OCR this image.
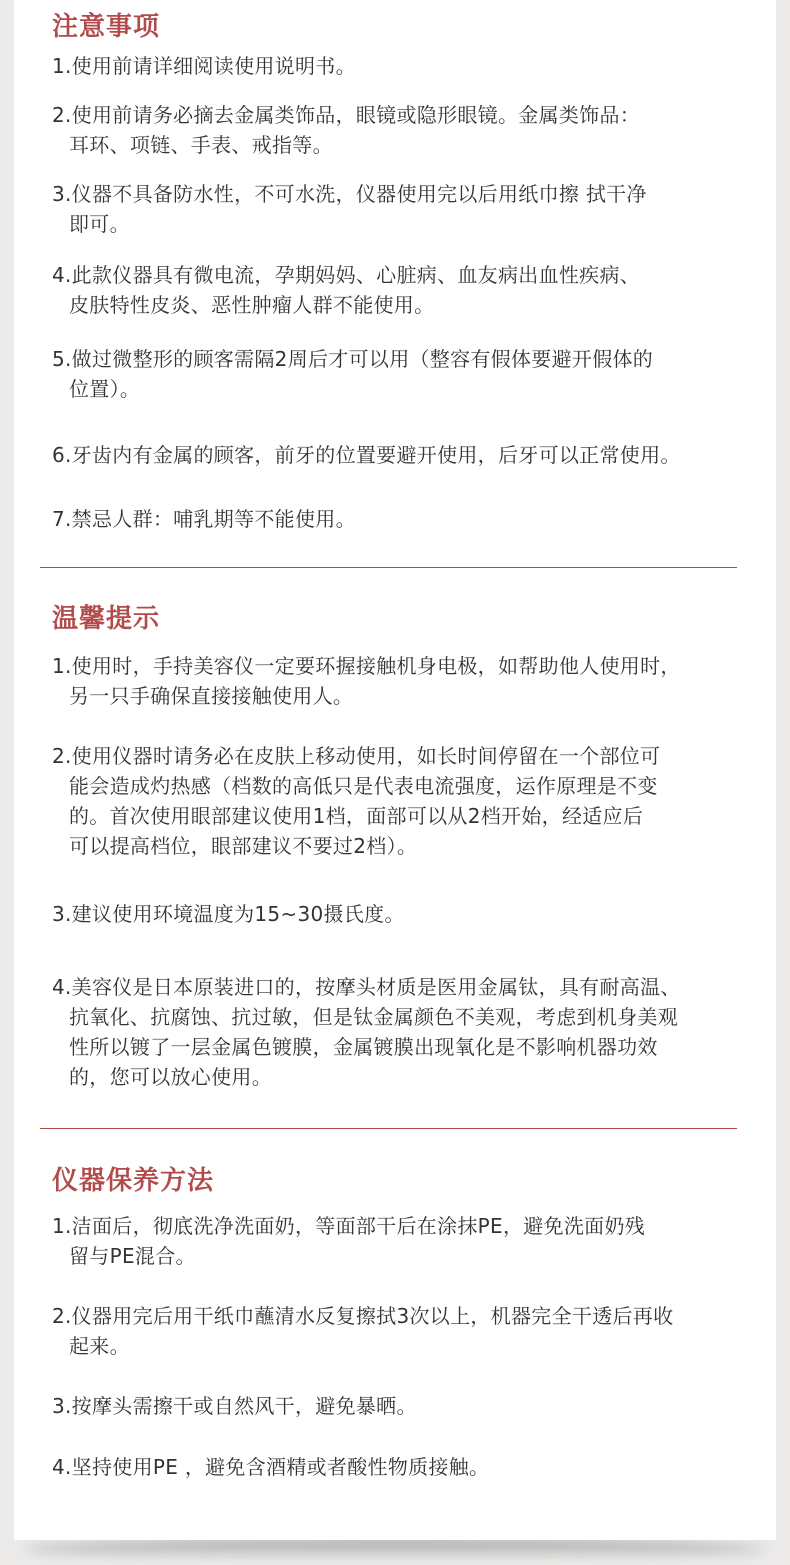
注意事项
1.使用前请详细阅读使用说明书。
2.使用前请务必摘去金属类饰品，眼镜或隐形眼镜。金属类饰品：
耳环、项链、手表、戒指等。
3.仪器不具备防水性，不可水洗，仪器使用完以后用纸巾擦 拭干净
即可。
4.此款仪器具有微电流，孕期妈妈、心脏病、血友病出血性疾病、
皮肤特性皮炎、恶性肿瘤人群不能使用。
5.做过微整形的顾客需隔2周后才可以用（整容有假体要避开假体的
位置）。
6.牙齿内有金属的顾客，前牙的位置要避开使用，后牙可以正常使用。
7.禁忌人群：哺乳期等不能使用。
温馨提示
1.使用时，手持美容仪一定要环握接触机身电极，如帮助他人使用时，
另一只手确保直接接触使用人。
2.使用仪器时请务必在皮肤上移动使用，如长时间停留在一个部位可
能会造成灼热感（档数的高低只是代表电流强度，运作原理是不变
的。首次使用眼部建议使用1档，面部可以从2档开始，经适应后
可以提高档位，眼部建议不要过2档）。
3.建议使用环境温度为15~30摄氏度。
4.美容仪是日本原装进口的，按摩头材质是医用金属钛，具有耐高温、
抗氧化、抗腐蚀、抗过敏，但是钛金属颜色不美观，考虑到机身美观
性所以镀了一层金属色镀膜，金属镀膜出现氧化是不影响机器功效
的，您可以放心使用。
仪器保养方法
1.洁面后，彻底洗净洗面奶，等面部干后在涂抹PE，避免洗面奶残
留与PE混合。
2.仪器用完后用干纸巾蘸清水反复擦拭3次以上，机器完全干透后再收
起来。
3.按摩头需擦干或自然风干，避免暴晒。
4.坚持使用PE ，避免含酒精或者酸性物质接触。
